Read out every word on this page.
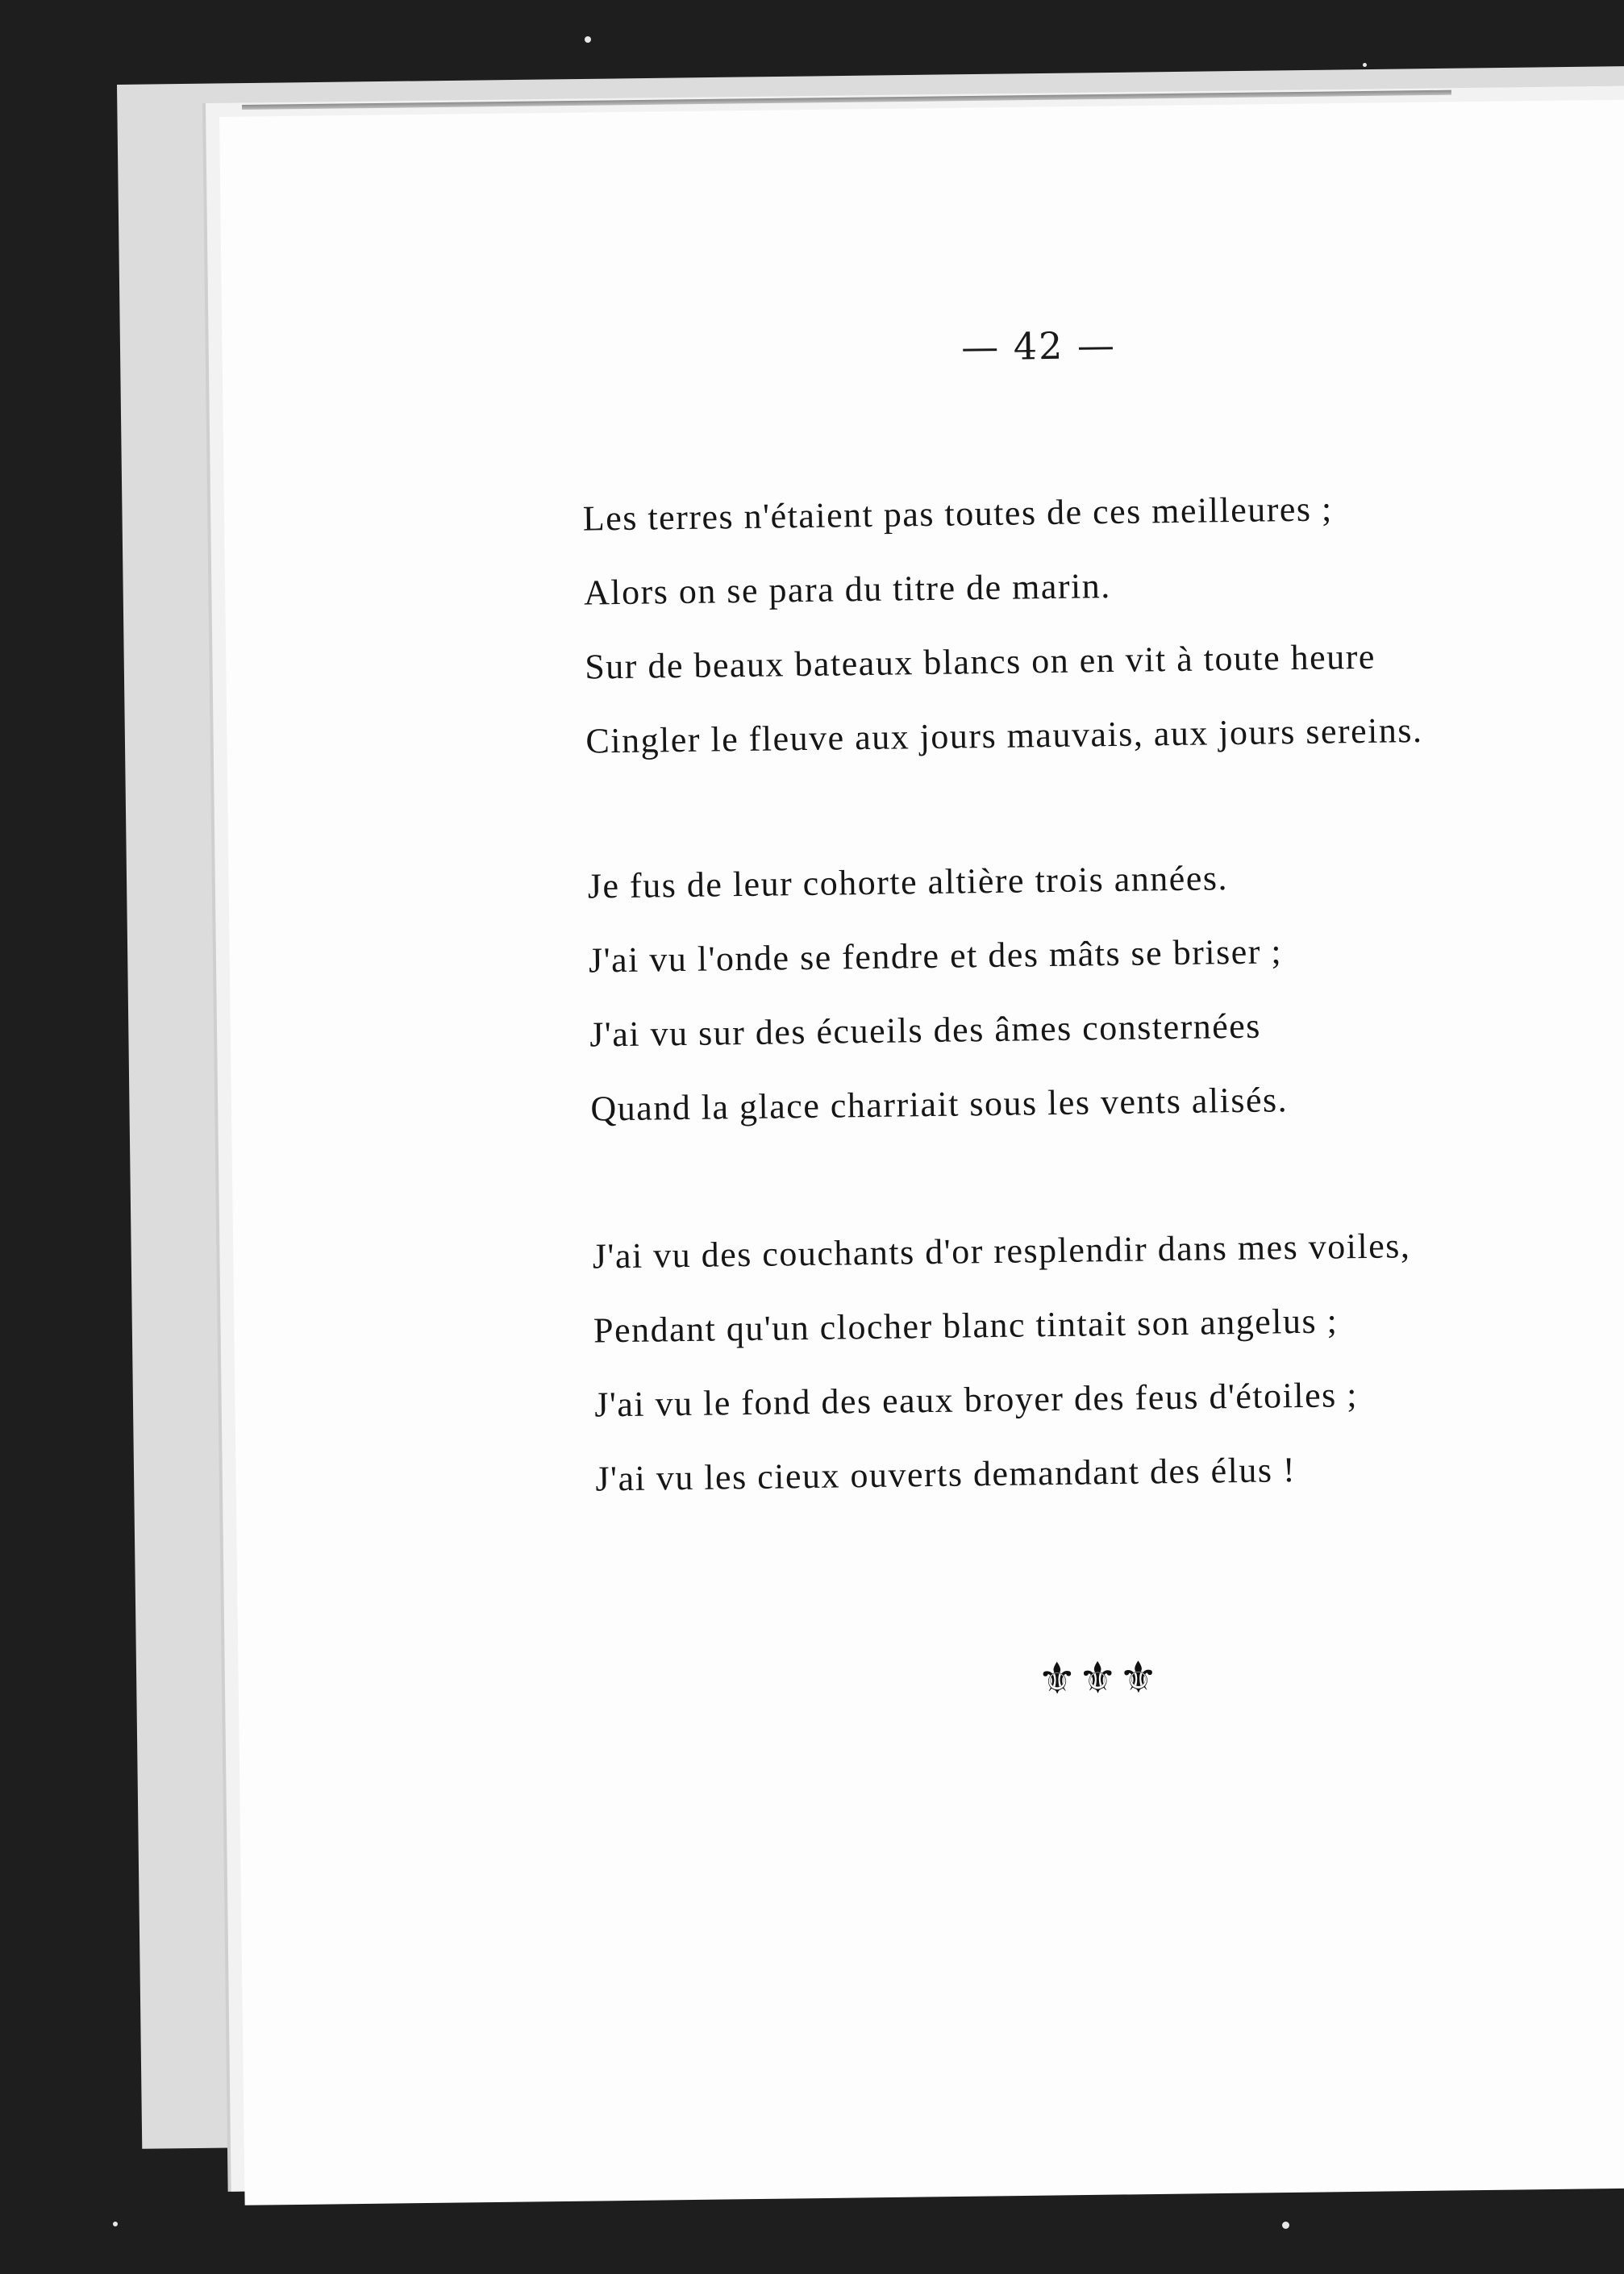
— 42 —
Les terres n'étaient pas toutes de ces meilleures ;
Alors on se para du titre de marin.
Sur de beaux bateaux blancs on en vit à toute heure
Cingler le fleuve aux jours mauvais, aux jours sereins.
Je fus de leur cohorte altière trois années.
J'ai vu l'onde se fendre et des mâts se briser ;
J'ai vu sur des écueils des âmes consternées
Quand la glace charriait sous les vents alisés.
J'ai vu des couchants d'or resplendir dans mes voiles,
Pendant qu'un clocher blanc tintait son angelus ;
J'ai vu le fond des eaux broyer des feus d'étoiles ;
J'ai vu les cieux ouverts demandant des élus !
⚜⚜⚜
